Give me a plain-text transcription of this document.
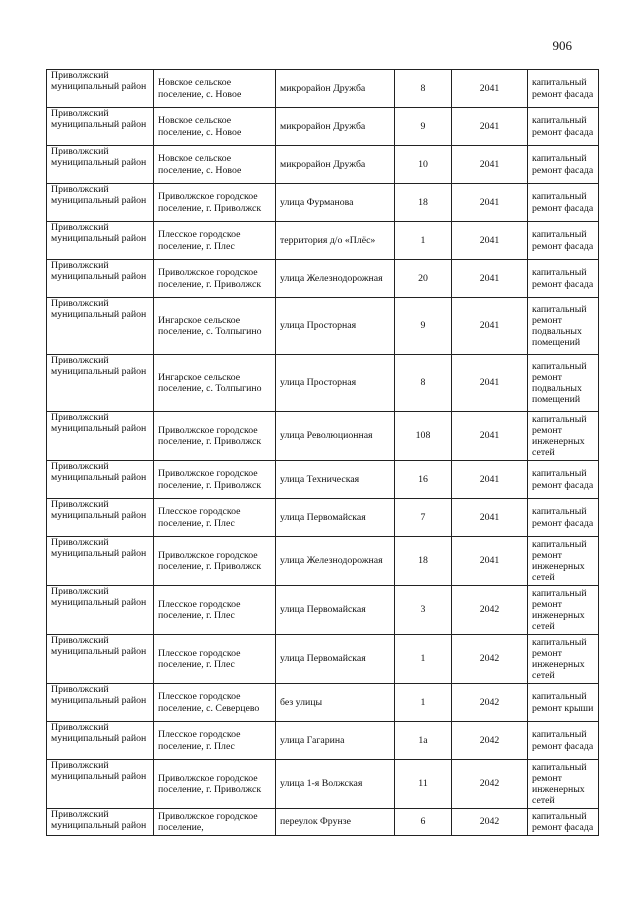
906
Приволжский муниципальный район	Новское сельское поселение, с. Новое	микрорайон Дружба	8	2041	капитальный ремонт фасада
Приволжский муниципальный район	Новское сельское поселение, с. Новое	микрорайон Дружба	9	2041	капитальный ремонт фасада
Приволжский муниципальный район	Новское сельское поселение, с. Новое	микрорайон Дружба	10	2041	капитальный ремонт фасада
Приволжский муниципальный район	Приволжское городское поселение, г. Приволжск	улица Фурманова	18	2041	капитальный ремонт фасада
Приволжский муниципальный район	Плесское городское поселение, г. Плес	территория д/о «Плёс»	1	2041	капитальный ремонт фасада
Приволжский муниципальный район	Приволжское городское поселение, г. Приволжск	улица Железнодорожная	20	2041	капитальный ремонт фасада
Приволжский муниципальный район	Ингарское сельское поселение, с. Толпыгино	улица Просторная	9	2041	капитальный ремонт подвальных помещений
Приволжский муниципальный район	Ингарское сельское поселение, с. Толпыгино	улица Просторная	8	2041	капитальный ремонт подвальных помещений
Приволжский муниципальный район	Приволжское городское поселение, г. Приволжск	улица Революционная	108	2041	капитальный ремонт инженерных сетей
Приволжский муниципальный район	Приволжское городское поселение, г. Приволжск	улица Техническая	16	2041	капитальный ремонт фасада
Приволжский муниципальный район	Плесское городское поселение, г. Плес	улица Первомайская	7	2041	капитальный ремонт фасада
Приволжский муниципальный район	Приволжское городское поселение, г. Приволжск	улица Железнодорожная	18	2041	капитальный ремонт инженерных сетей
Приволжский муниципальный район	Плесское городское поселение, г. Плес	улица Первомайская	3	2042	капитальный ремонт инженерных сетей
Приволжский муниципальный район	Плесское городское поселение, г. Плес	улица Первомайская	1	2042	капитальный ремонт инженерных сетей
Приволжский муниципальный район	Плесское городское поселение, с. Северцево	без улицы	1	2042	капитальный ремонт крыши
Приволжский муниципальный район	Плесское городское поселение, г. Плес	улица Гагарина	1а	2042	капитальный ремонт фасада
Приволжский муниципальный район	Приволжское городское поселение, г. Приволжск	улица 1-я Волжская	11	2042	капитальный ремонт инженерных сетей
Приволжский муниципальный район	Приволжское городское поселение,	переулок Фрунзе	6	2042	капитальный ремонт фасада
